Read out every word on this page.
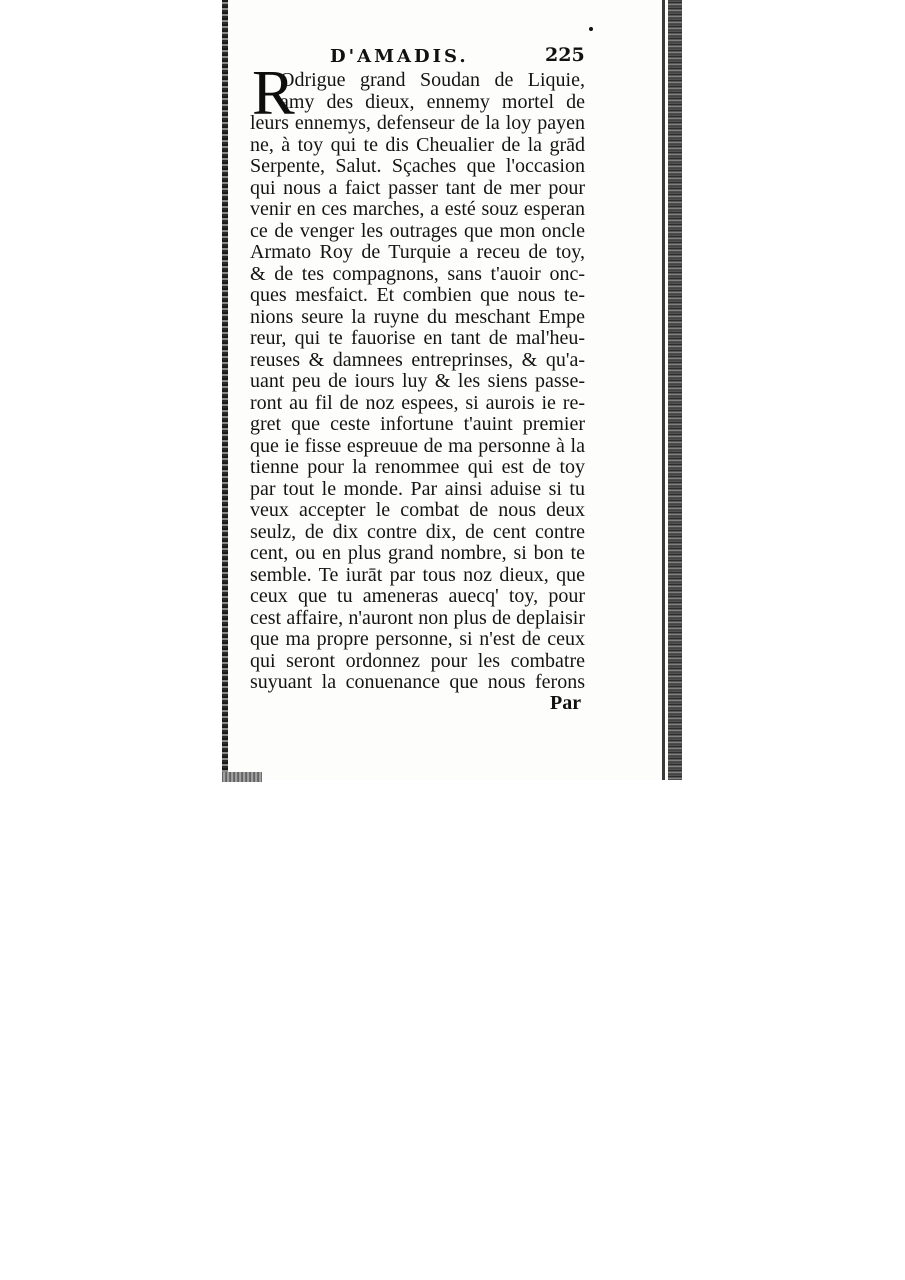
D'AMADIS.	225
R
Odrigue grand Soudan de Liquie,
amy des dieux, ennemy mortel de
leurs ennemys, defenseur de la loy payen
ne, à toy qui te dis Cheualier de la grād
Serpente, Salut. Sçaches que l'occasion
qui nous a faict passer tant de mer pour
venir en ces marches, a esté souz esperan
ce de venger les outrages que mon oncle
Armato Roy de Turquie a receu de toy,
& de tes compagnons, sans t'auoir onc-
ques mesfaict. Et combien que nous te-
nions seure la ruyne du meschant Empe
reur, qui te fauorise en tant de mal'heu-
reuses & damnees entreprinses, & qu'a-
uant peu de iours luy & les siens passe-
ront au fil de noz espees, si aurois ie re-
gret que ceste infortune t'auint premier
que ie fisse espreuue de ma personne à la
tienne pour la renommee qui est de toy
par tout le monde. Par ainsi aduise si tu
veux accepter le combat de nous deux
seulz, de dix contre dix, de cent contre
cent, ou en plus grand nombre, si bon te
semble. Te iurāt par tous noz dieux, que
ceux que tu ameneras auecq' toy, pour
cest affaire, n'auront non plus de deplaisir
que ma propre personne, si n'est de ceux
qui seront ordonnez pour les combatre
suyuant la conuenance que nous ferons
Par
